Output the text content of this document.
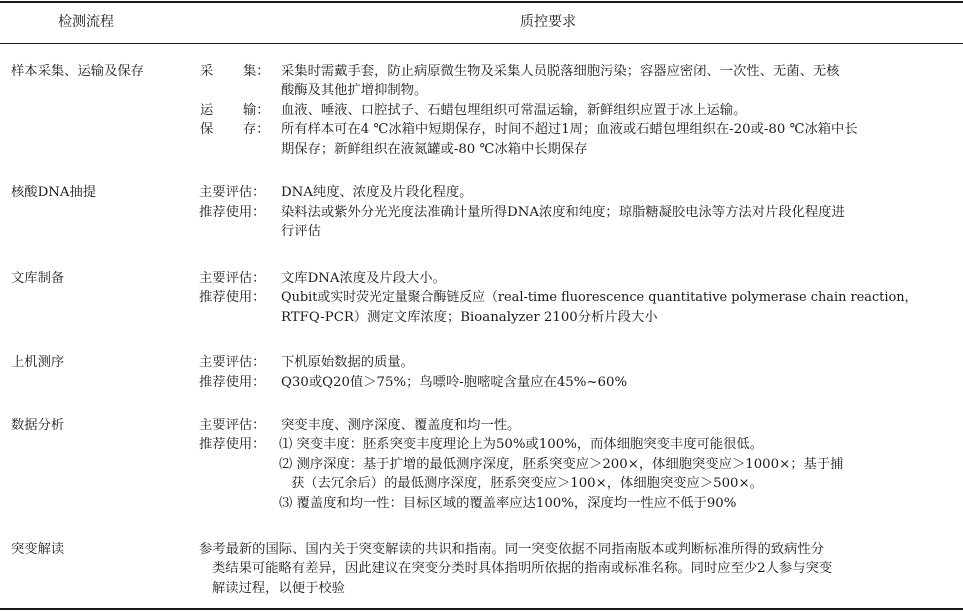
检测流程	质控要求
样本采集、运输及保存	采 集： 采集时需戴手套，防止病原微生物及采集人员脱落细胞污染；容器应密闭、一次性、无菌、无核
酸酶及其他扩增抑制物。
运 输： 血液、唾液、口腔拭子、石蜡包埋组织可常温运输，新鲜组织应置于冰上运输。
保 存： 所有样本可在4 ℃冰箱中短期保存，时间不超过1周；血液或石蜡包埋组织在-20或-80 ℃冰箱中长
期保存；新鲜组织在液氮罐或-80 ℃冰箱中长期保存
核酸DNA抽提	主要评估： DNA纯度、浓度及片段化程度。
推荐使用： 染料法或紫外分光光度法准确计量所得DNA浓度和纯度；琼脂糖凝胶电泳等方法对片段化程度进
行评估
文库制备	主要评估： 文库DNA浓度及片段大小。
推荐使用： Qubit或实时荧光定量聚合酶链反应（real-time fluorescence quantitative polymerase chain reaction，
RTFQ-PCR）测定文库浓度；Bioanalyzer 2100分析片段大小
上机测序	主要评估： 下机原始数据的质量。
推荐使用： Q30或Q20值＞75%；鸟嘌呤-胞嘧啶含量应在45%~60%
数据分析	主要评估： 突变丰度、测序深度、覆盖度和均一性。
推荐使用： ⑴ 突变丰度：胚系突变丰度理论上为50%或100%，而体细胞突变丰度可能很低。
⑵ 测序深度：基于扩增的最低测序深度，胚系突变应＞200×，体细胞突变应＞1000×；基于捕
获（去冗余后）的最低测序深度，胚系突变应＞100×，体细胞突变应＞500×。
⑶ 覆盖度和均一性：目标区域的覆盖率应达100%，深度均一性应不低于90%
突变解读	参考最新的国际、国内关于突变解读的共识和指南。同一突变依据不同指南版本或判断标准所得的致病性分
类结果可能略有差异，因此建议在突变分类时具体指明所依据的指南或标准名称。同时应至少2人参与突变
解读过程，以便于校验
